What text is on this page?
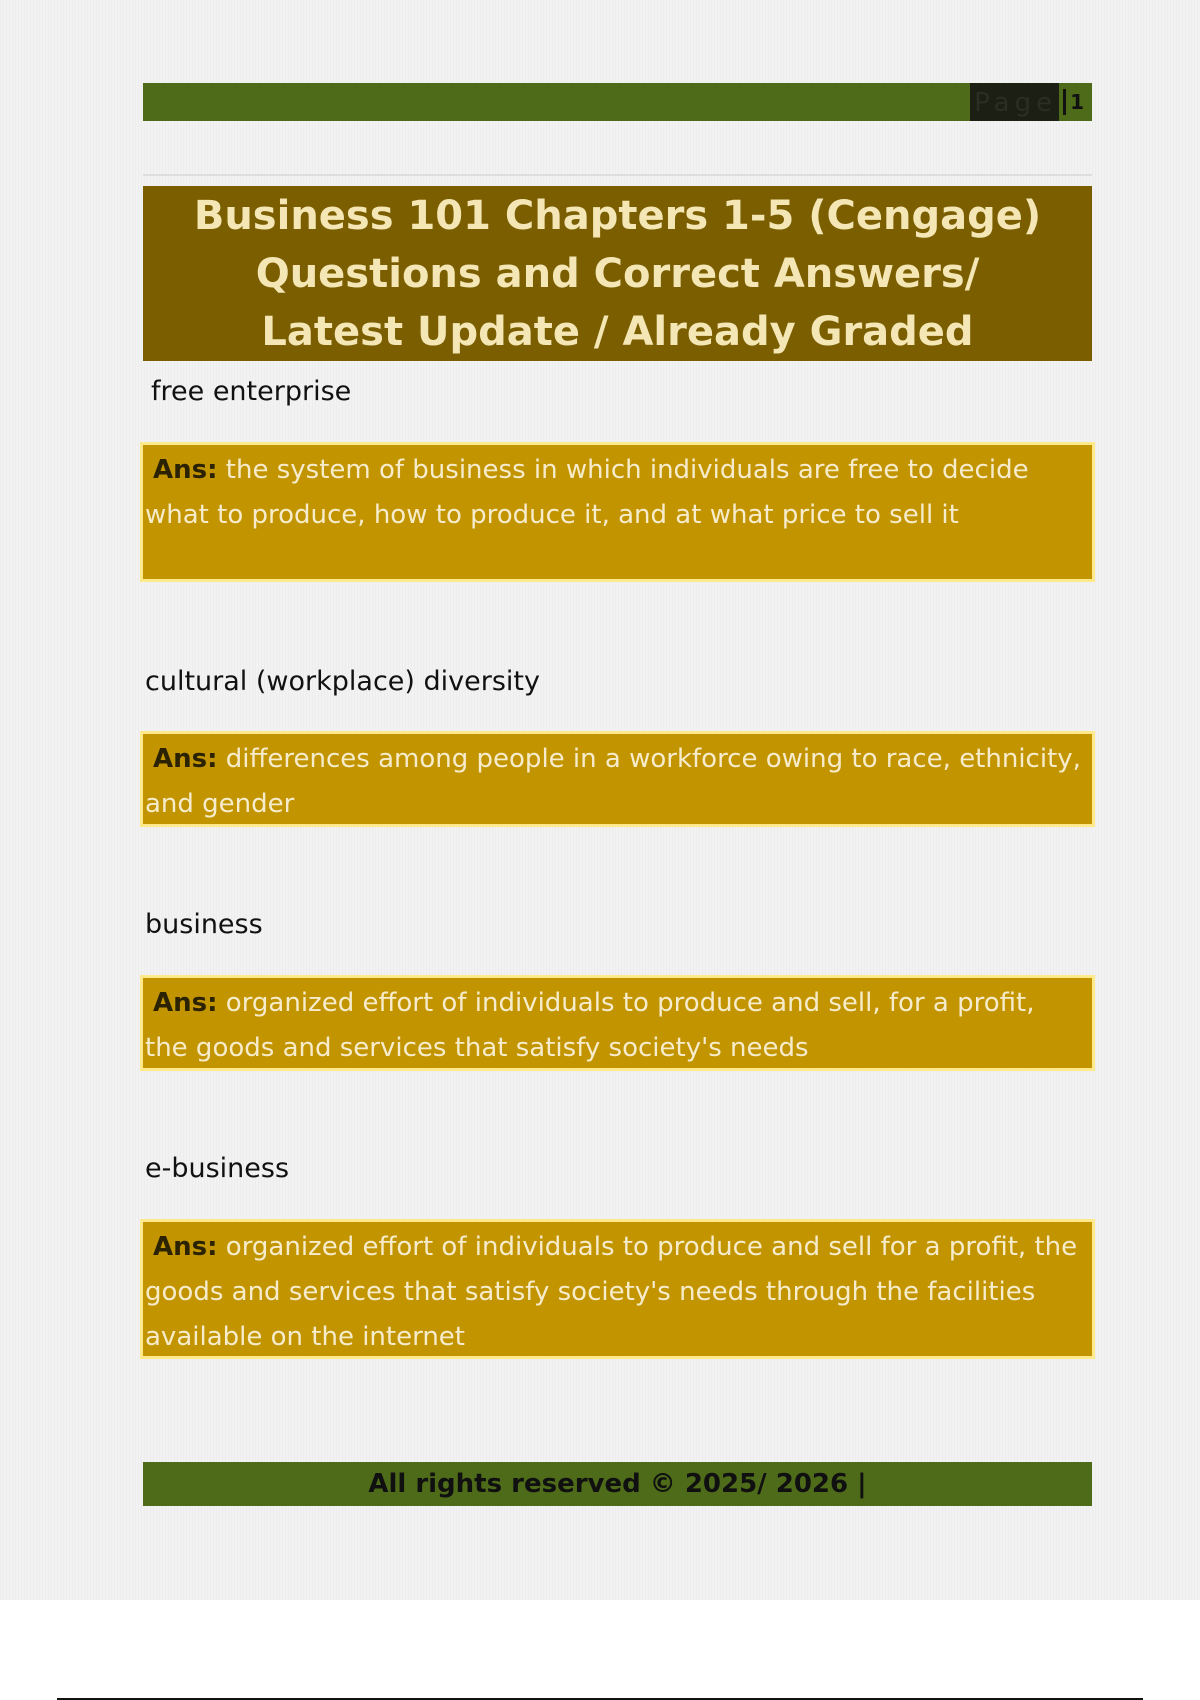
Page 1
Business 101 Chapters 1-5 (Cengage) Questions and Correct Answers/ Latest Update / Already Graded
free enterprise
Ans: the system of business in which individuals are free to decide what to produce, how to produce it, and at what price to sell it
cultural (workplace) diversity
Ans: differences among people in a workforce owing to race, ethnicity, and gender
business
Ans: organized effort of individuals to produce and sell, for a profit, the goods and services that satisfy society's needs
e-business
Ans: organized effort of individuals to produce and sell for a profit, the goods and services that satisfy society's needs through the facilities available on the internet
All rights reserved © 2025/ 2026 |
